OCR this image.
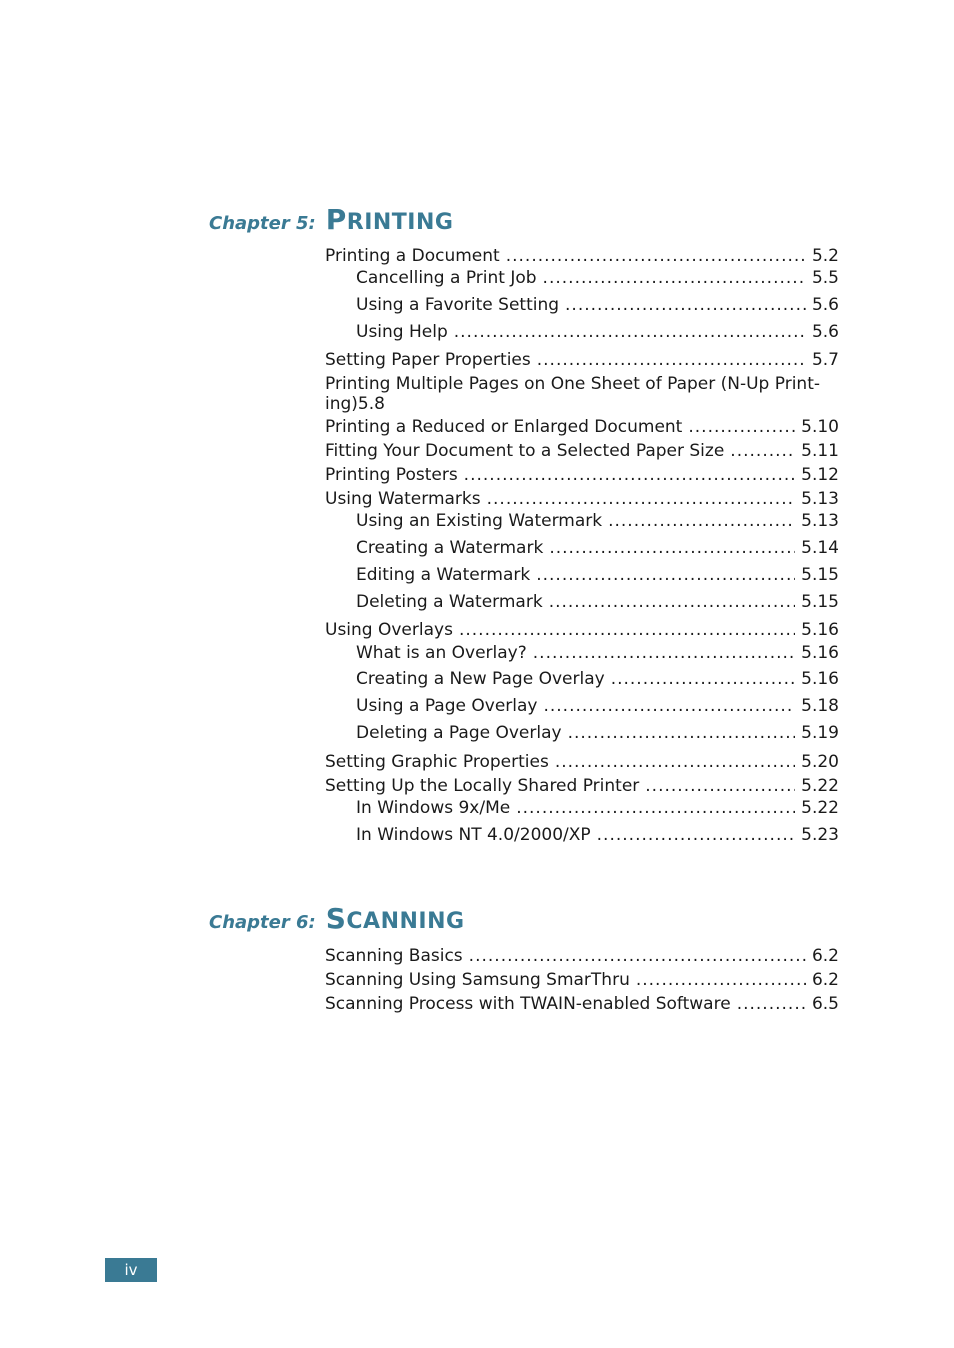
Chapter 5: PRINTING
Printing a Document .....	5.2
Cancelling a Print Job .....	5.5
Using a Favorite Setting .....	5.6
Using Help .....	5.6
Setting Paper Properties .....	5.7
Printing Multiple Pages on One Sheet of Paper (N-Up Print-
ing) 5.8
Printing a Reduced or Enlarged Document .....	5.10
Fitting Your Document to a Selected Paper Size .....	5.11
Printing Posters .....	5.12
Using Watermarks .....	5.13
Using an Existing Watermark .....	5.13
Creating a Watermark .....	5.14
Editing a Watermark .....	5.15
Deleting a Watermark .....	5.15
Using Overlays .....	5.16
What is an Overlay? .....	5.16
Creating a New Page Overlay .....	5.16
Using a Page Overlay .....	5.18
Deleting a Page Overlay .....	5.19
Setting Graphic Properties .....	5.20
Setting Up the Locally Shared Printer .....	5.22
In Windows 9x/Me .....	5.22
In Windows NT 4.0/2000/XP .....	5.23
Chapter 6: SCANNING
Scanning Basics .....	6.2
Scanning Using Samsung SmarThru .....	6.2
Scanning Process with TWAIN-enabled Software .....	6.5
iv
